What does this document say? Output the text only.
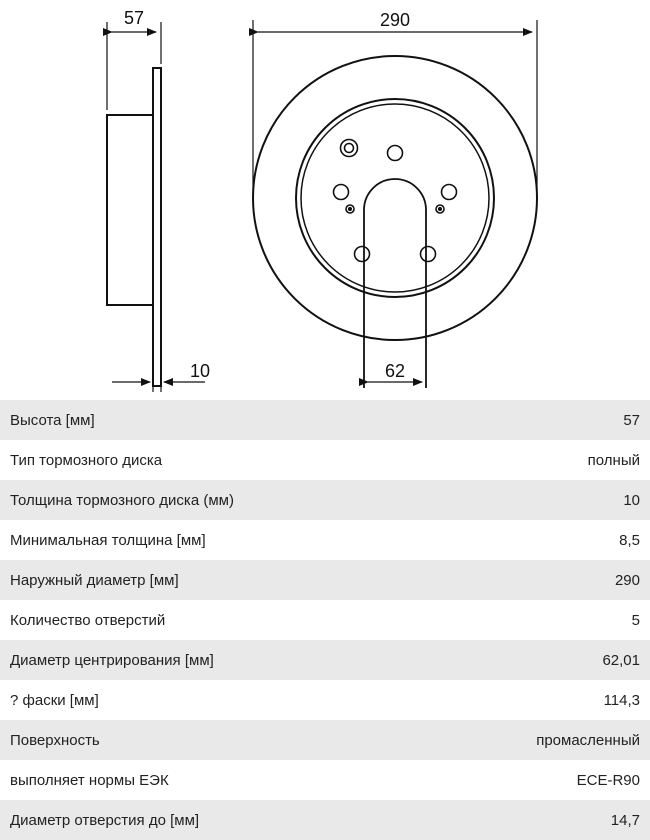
57
10
290
62
Высота [мм]	57
Тип тормозного диска	полный
Толщина тормозного диска (мм)	10
Минимальная толщина [мм]	8,5
Наружный диаметр [мм]	290
Количество отверстий	5
Диаметр центрирования [мм]	62,01
? фаски [мм]	114,3
Поверхность	промасленный
выполняет нормы ЕЭК	ECE-R90
Диаметр отверстия до [мм]	14,7
